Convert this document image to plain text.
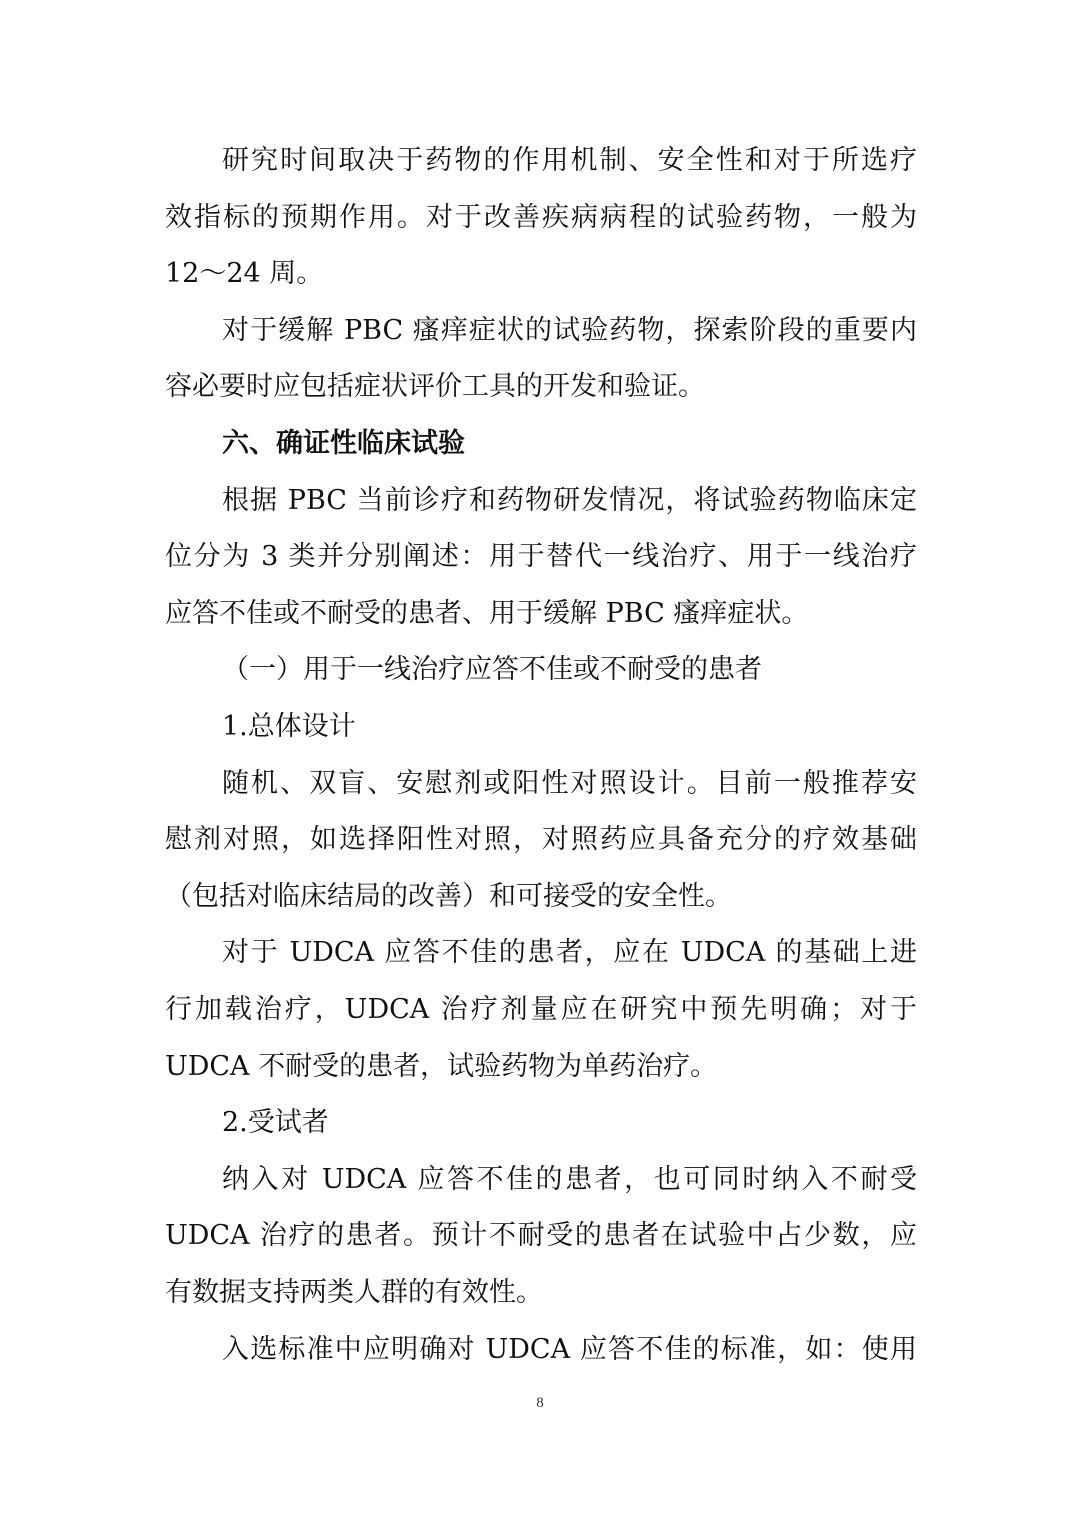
研究时间取决于药物的作用机制、安全性和对于所选疗
效指标的预期作用。对于改善疾病病程的试验药物，一般为
12～24 周。
对于缓解 PBC 瘙痒症状的试验药物，探索阶段的重要内
容必要时应包括症状评价工具的开发和验证。
六、确证性临床试验
根据 PBC 当前诊疗和药物研发情况，将试验药物临床定
位分为 3 类并分别阐述：用于替代一线治疗、用于一线治疗
应答不佳或不耐受的患者、用于缓解 PBC 瘙痒症状。
（一）用于一线治疗应答不佳或不耐受的患者
1.总体设计
随机、双盲、安慰剂或阳性对照设计。目前一般推荐安
慰剂对照，如选择阳性对照，对照药应具备充分的疗效基础
（包括对临床结局的改善）和可接受的安全性。
对于 UDCA 应答不佳的患者，应在 UDCA 的基础上进
行加载治疗，UDCA 治疗剂量应在研究中预先明确；对于
UDCA 不耐受的患者，试验药物为单药治疗。
2.受试者
纳入对 UDCA 应答不佳的患者，也可同时纳入不耐受
UDCA 治疗的患者。预计不耐受的患者在试验中占少数，应
有数据支持两类人群的有效性。
入选标准中应明确对 UDCA 应答不佳的标准，如：使用
8
